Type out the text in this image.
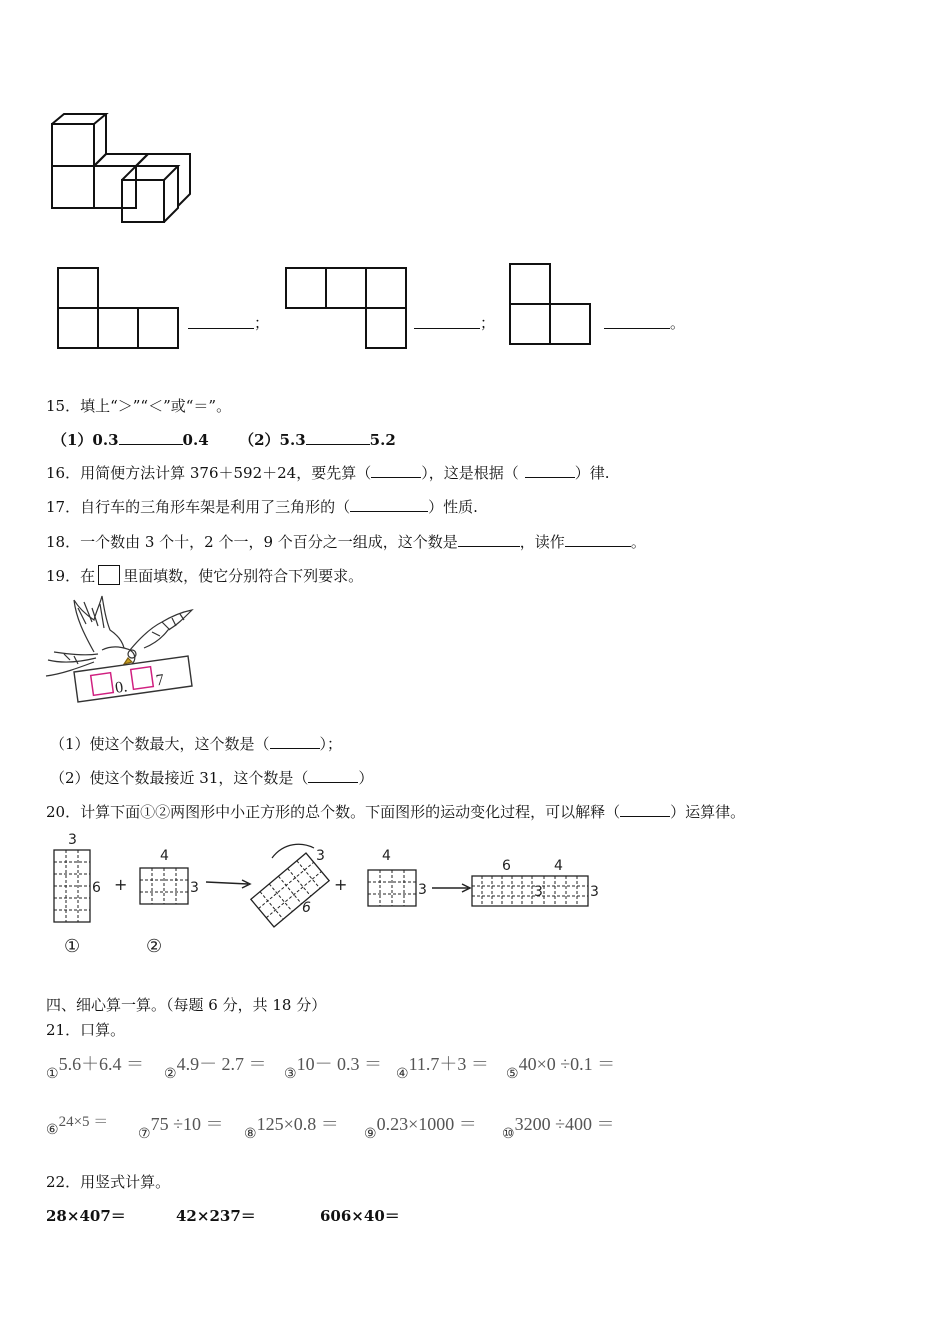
；	；	。
15．填上“＞”“＜”或“＝”。
（1）0.3	0.4 （2）5.3	5.2
16．用简便方法计算 376＋592＋24，要先算（	），这是根据（	）律.
17．自行车的三角形车架是利用了三角形的（	）性质.
18．一个数由 3 个十，2 个一，9 个百分之一组成，这个数是	，读作	。
19．在 里面填数，使它分别符合下列要求。
0. 7
（1）使这个数最大，这个数是（	）；
（2）使这个数最接近 31，这个数是（	）
20．计算下面①②两图形中小正方形的总个数。下面图形的运动变化过程，可以解释（	）运算律。
3
6
①
+
4
3
②
3
6
+
4
3
6	4
3	3
四、细心算一算。（每题 6 分，共 18 分）
21．口算。
$_①$5.6＋6.4 ＝
$_②$4.9－ 2.7 ＝
$_③$10－ 0.3 ＝
$_④$11.7＋3 ＝
$_⑤$40×0 ÷0.1 ＝
$_⑥$24×5 ＝
$_⑦$75 ÷10 ＝
$_⑧$125×0.8 ＝
$_⑨$0.23×1000 ＝
$_⑩$3200 ÷400 ＝
22．用竖式计算。
28×407＝	42×237＝	606×40＝
